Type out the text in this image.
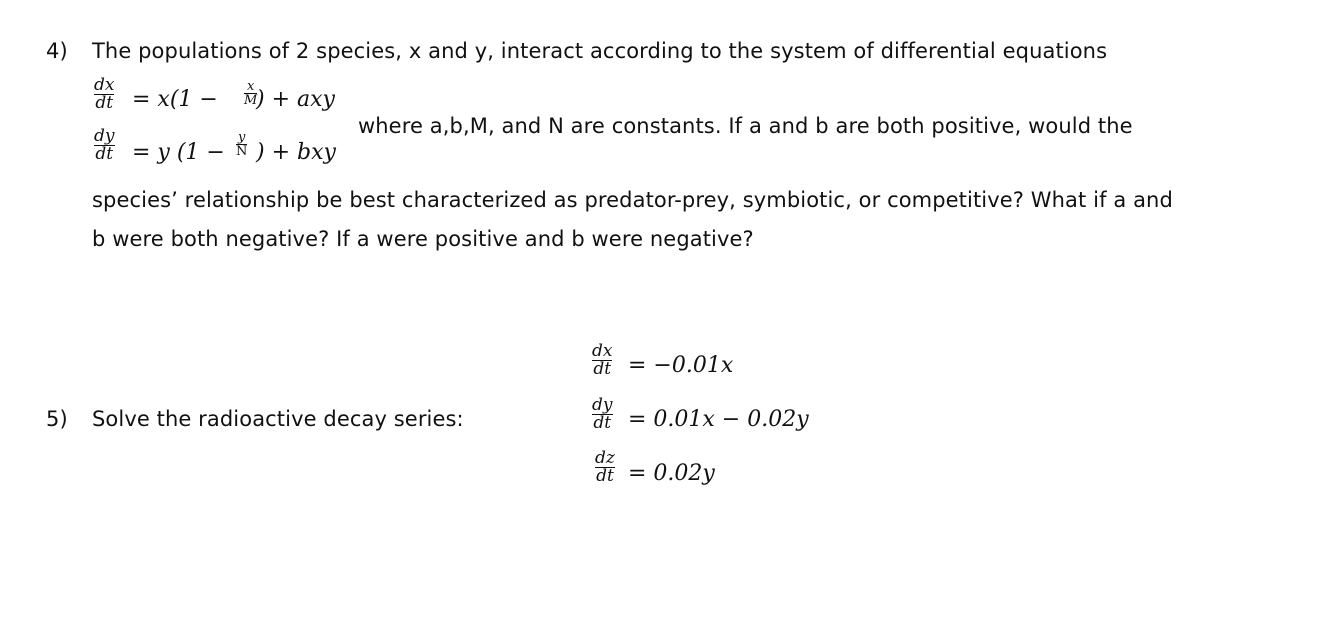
4) The populations of 2 species, x and y, interact according to the system of differential equations
dx
dt = x(1 −
x
M
) + axy
dy
dt = y (1 −
y
N ) + bxy
where a,b,M, and N are constants. If a and b are both positive, would the
species’ relationship be best characterized as predator-prey, symbiotic, or competitive? What if a and
b were both negative? If a were positive and b were negative?
5) Solve the radioactive decay series:
dx
dt = −0.01x
dy
dt = 0.01x − 0.02y
dz
dt = 0.02y
